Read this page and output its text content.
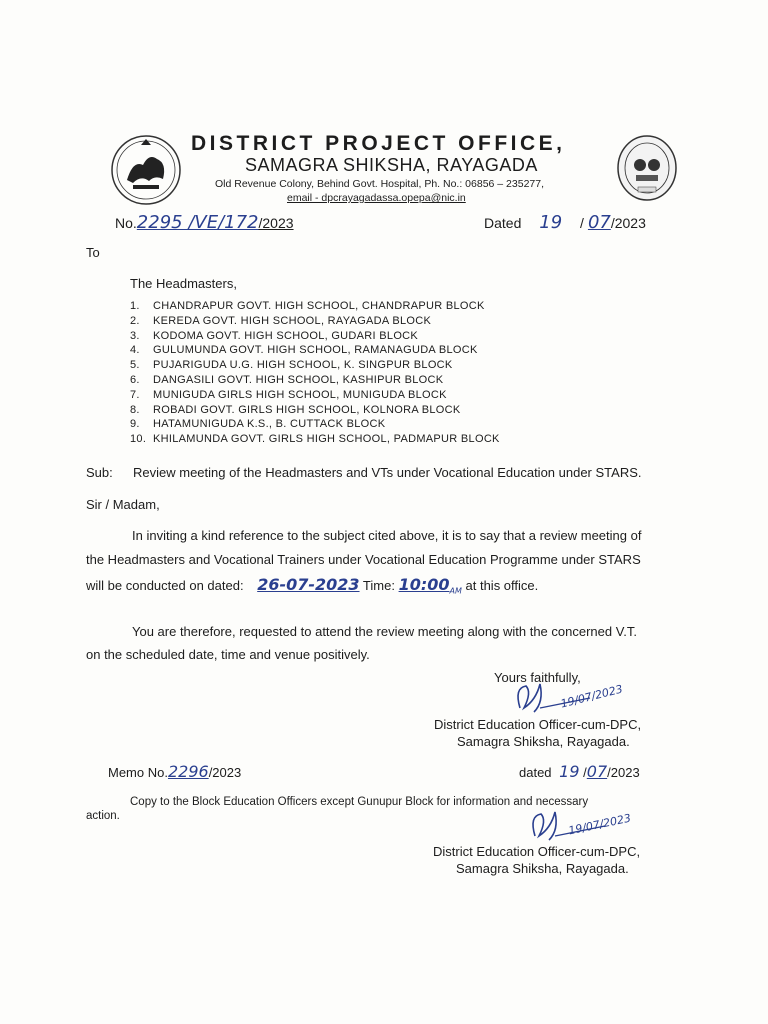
DISTRICT PROJECT OFFICE,
SAMAGRA SHIKSHA, RAYAGADA
Old Revenue Colony, Behind Govt. Hospital, Ph. No.: 06856 – 235277,
email - dpcrayagadassa.opepa@nic.in
No.2295 /VE/172/2023	Dated 19 / 07/2023
To
The Headmasters,
1. CHANDRAPUR GOVT. HIGH SCHOOL, CHANDRAPUR BLOCK
2. KEREDA GOVT. HIGH SCHOOL, RAYAGADA BLOCK
3. KODOMA GOVT. HIGH SCHOOL, GUDARI BLOCK
4. GULUMUNDA GOVT. HIGH SCHOOL, RAMANAGUDA BLOCK
5. PUJARIGUDA U.G. HIGH SCHOOL, K. SINGPUR BLOCK
6. DANGASILI GOVT. HIGH SCHOOL, KASHIPUR BLOCK
7. MUNIGUDA GIRLS HIGH SCHOOL, MUNIGUDA BLOCK
8. ROBADI GOVT. GIRLS HIGH SCHOOL, KOLNORA BLOCK
9. HATAMUNIGUDA K.S., B. CUTTACK BLOCK
10. KHILAMUNDA GOVT. GIRLS HIGH SCHOOL, PADMAPUR BLOCK
Sub: Review meeting of the Headmasters and VTs under Vocational Education under STARS.
Sir / Madam,
In inviting a kind reference to the subject cited above, it is to say that a review meeting of
the Headmasters and Vocational Trainers under Vocational Education Programme under STARS
will be conducted on dated: 26-07-2023 Time: $10:00_{AM}$ at this office.
You are therefore, requested to attend the review meeting along with the concerned V.T.
on the scheduled date, time and venue positively.
Yours faithfully,
19/07/2023
District Education Officer-cum-DPC,
Samagra Shiksha, Rayagada.
Memo No.2296/2023	dated 19 /07/2023
Copy to the Block Education Officers except Gunupur Block for information and necessary
action.	19/07/2023
District Education Officer-cum-DPC,
Samagra Shiksha, Rayagada.
